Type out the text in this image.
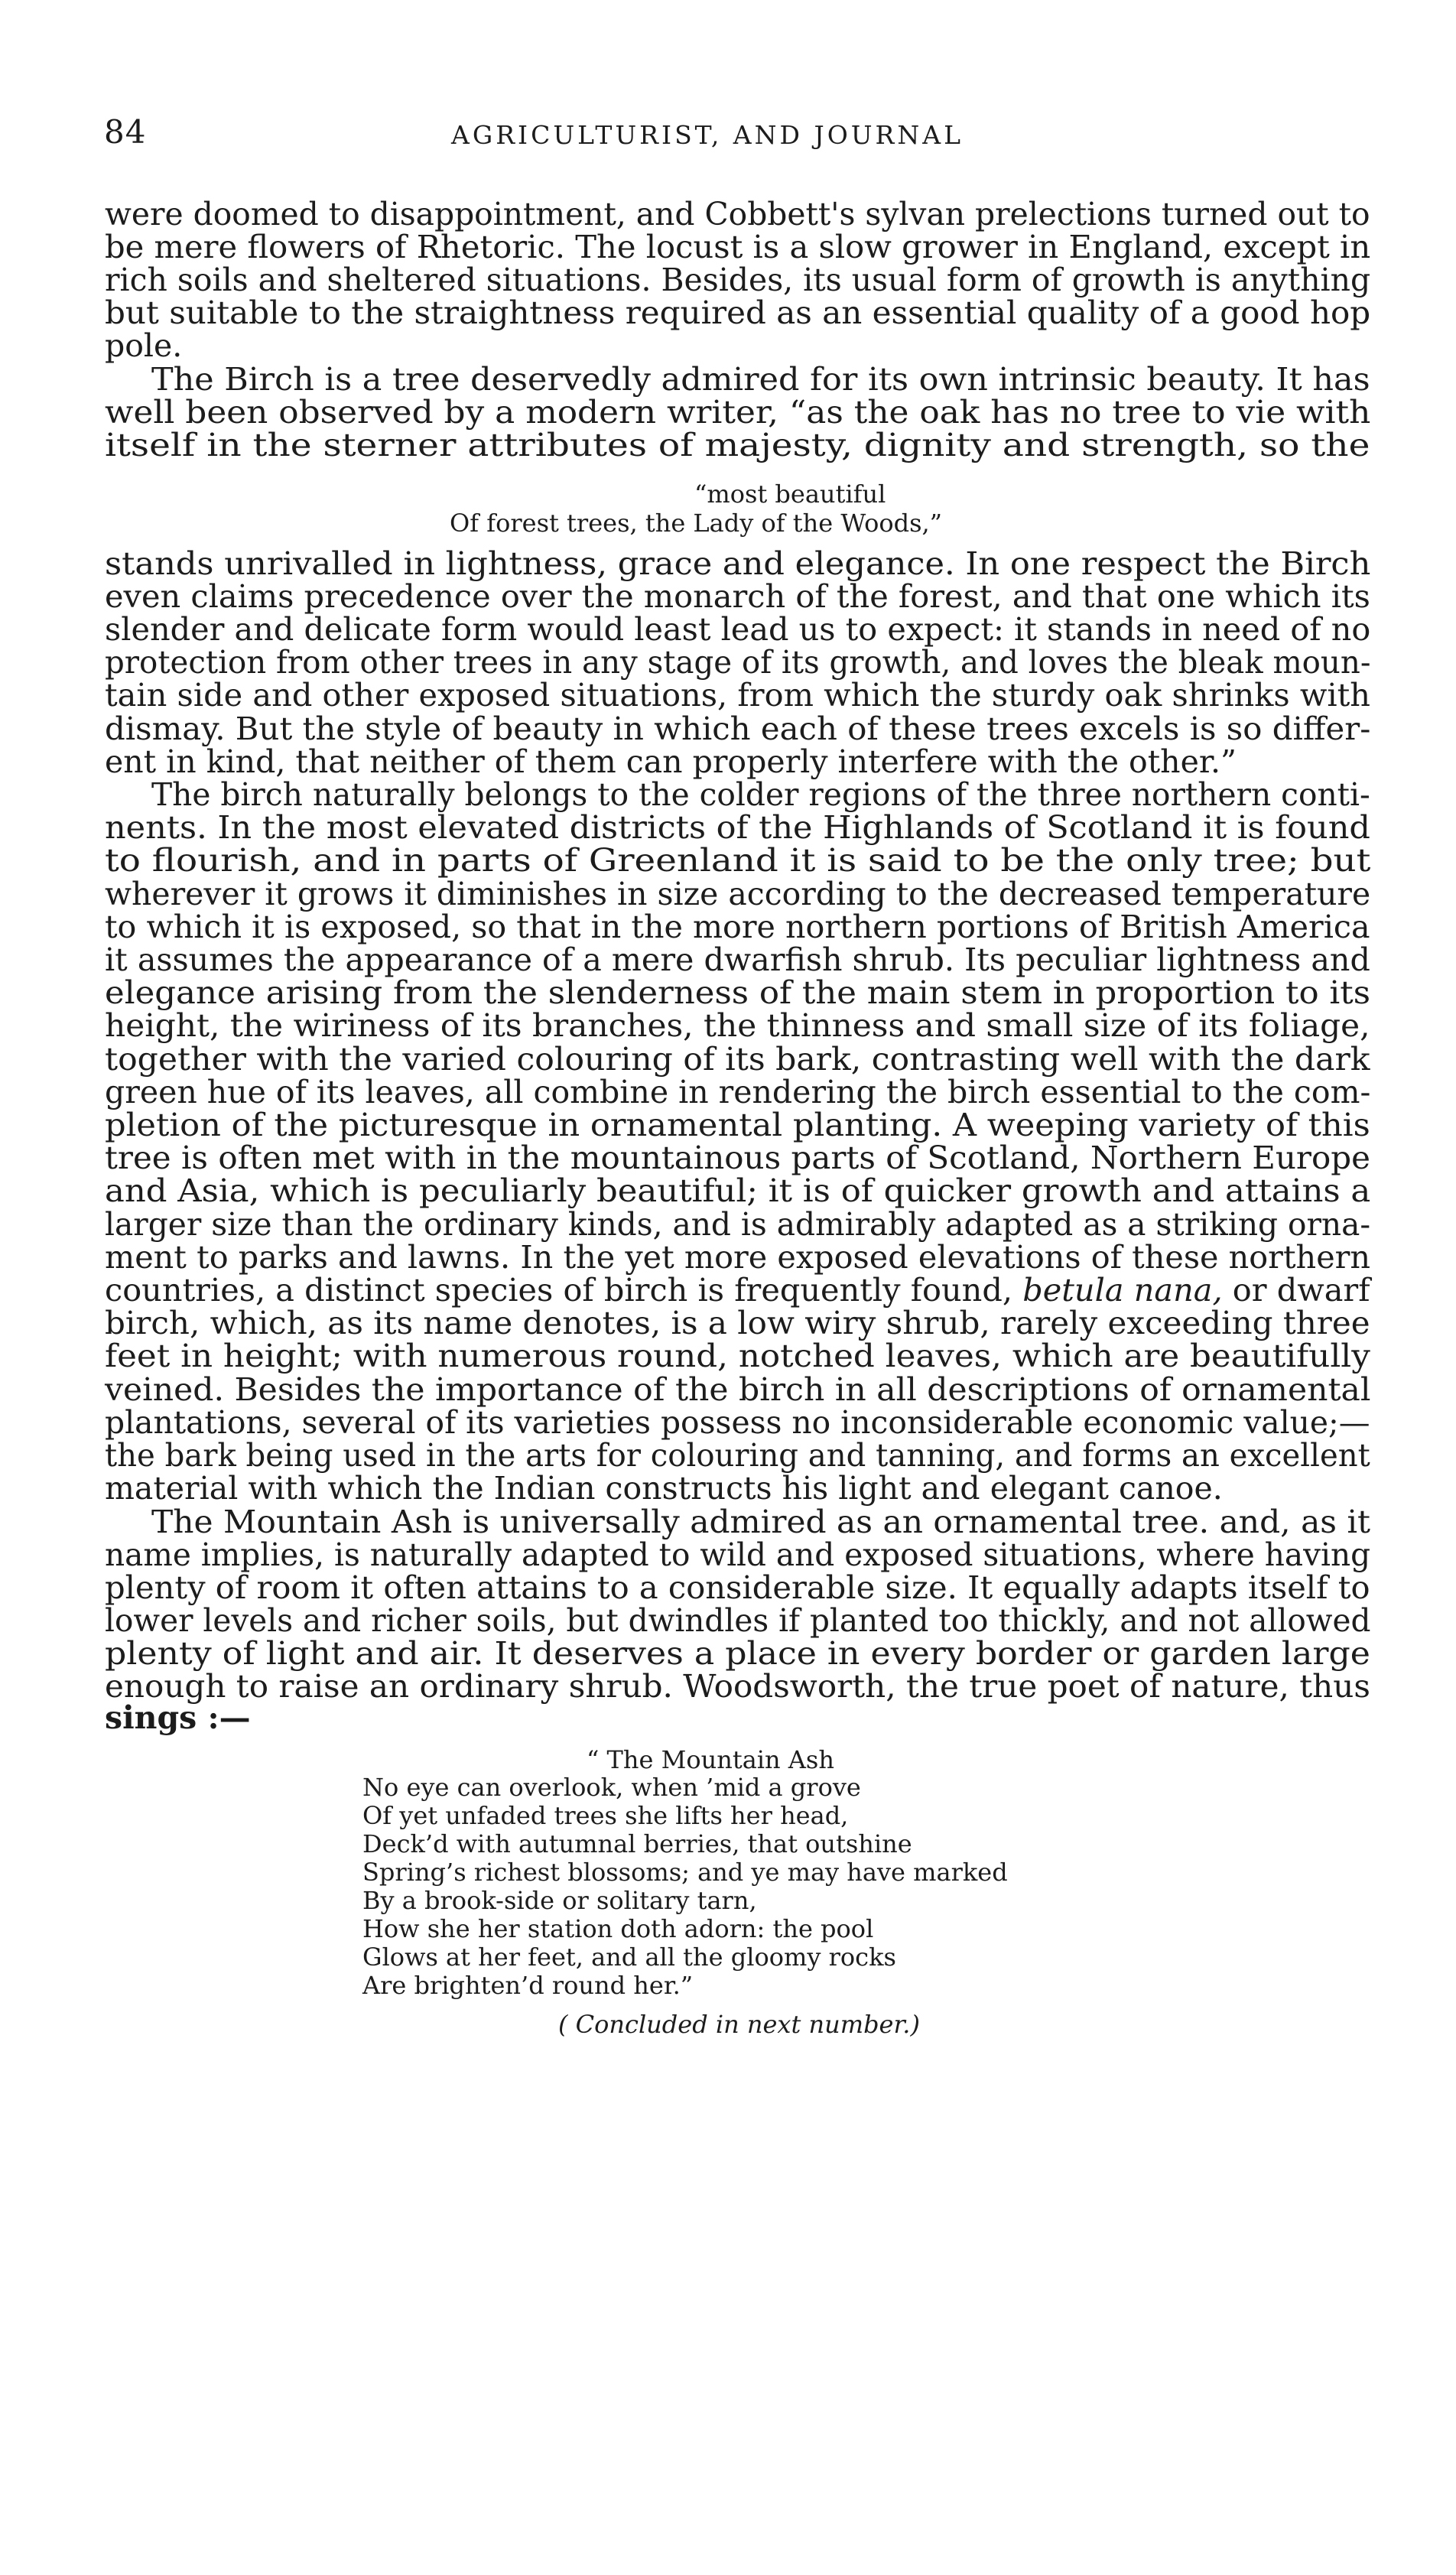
84	AGRICULTURIST, AND JOURNAL
were doomed to disappointment, and Cobbett's sylvan prelections turned out to
be mere flowers of Rhetoric. The locust is a slow grower in England, except in
rich soils and sheltered situations. Besides, its usual form of growth is anything
but suitable to the straightness required as an essential quality of a good hop
pole.
The Birch is a tree deservedly admired for its own intrinsic beauty. It has
well been observed by a modern writer, “as the oak has no tree to vie with
itself in the sterner attributes of majesty, dignity and strength, so the
“most beautiful
Of forest trees, the Lady of the Woods,”
stands unrivalled in lightness, grace and elegance. In one respect the Birch
even claims precedence over the monarch of the forest, and that one which its
slender and delicate form would least lead us to expect: it stands in need of no
protection from other trees in any stage of its growth, and loves the bleak moun-
tain side and other exposed situations, from which the sturdy oak shrinks with
dismay. But the style of beauty in which each of these trees excels is so differ-
ent in kind, that neither of them can properly interfere with the other.”
The birch naturally belongs to the colder regions of the three northern conti-
nents. In the most elevated districts of the Highlands of Scotland it is found
to flourish, and in parts of Greenland it is said to be the only tree; but
wherever it grows it diminishes in size according to the decreased temperature
to which it is exposed, so that in the more northern portions of British America
it assumes the appearance of a mere dwarfish shrub. Its peculiar lightness and
elegance arising from the slenderness of the main stem in proportion to its
height, the wiriness of its branches, the thinness and small size of its foliage,
together with the varied colouring of its bark, contrasting well with the dark
green hue of its leaves, all combine in rendering the birch essential to the com-
pletion of the picturesque in ornamental planting. A weeping variety of this
tree is often met with in the mountainous parts of Scotland, Northern Europe
and Asia, which is peculiarly beautiful; it is of quicker growth and attains a
larger size than the ordinary kinds, and is admirably adapted as a striking orna-
ment to parks and lawns. In the yet more exposed elevations of these northern
countries, a distinct species of birch is frequently found, betula nana, or dwarf
birch, which, as its name denotes, is a low wiry shrub, rarely exceeding three
feet in height; with numerous round, notched leaves, which are beautifully
veined. Besides the importance of the birch in all descriptions of ornamental
plantations, several of its varieties possess no inconsiderable economic value;—
the bark being used in the arts for colouring and tanning, and forms an excellent
material with which the Indian constructs his light and elegant canoe.
The Mountain Ash is universally admired as an ornamental tree. and, as it
name implies, is naturally adapted to wild and exposed situations, where having
plenty of room it often attains to a considerable size. It equally adapts itself to
lower levels and richer soils, but dwindles if planted too thickly, and not allowed
plenty of light and air. It deserves a place in every border or garden large
enough to raise an ordinary shrub. Woodsworth, the true poet of nature, thus
sings :—
“ The Mountain Ash
No eye can overlook, when ’mid a grove
Of yet unfaded trees she lifts her head,
Deck’d with autumnal berries, that outshine
Spring’s richest blossoms; and ye may have marked
By a brook-side or solitary tarn,
How she her station doth adorn: the pool
Glows at her feet, and all the gloomy rocks
Are brighten’d round her.”
( Concluded in next number.)
